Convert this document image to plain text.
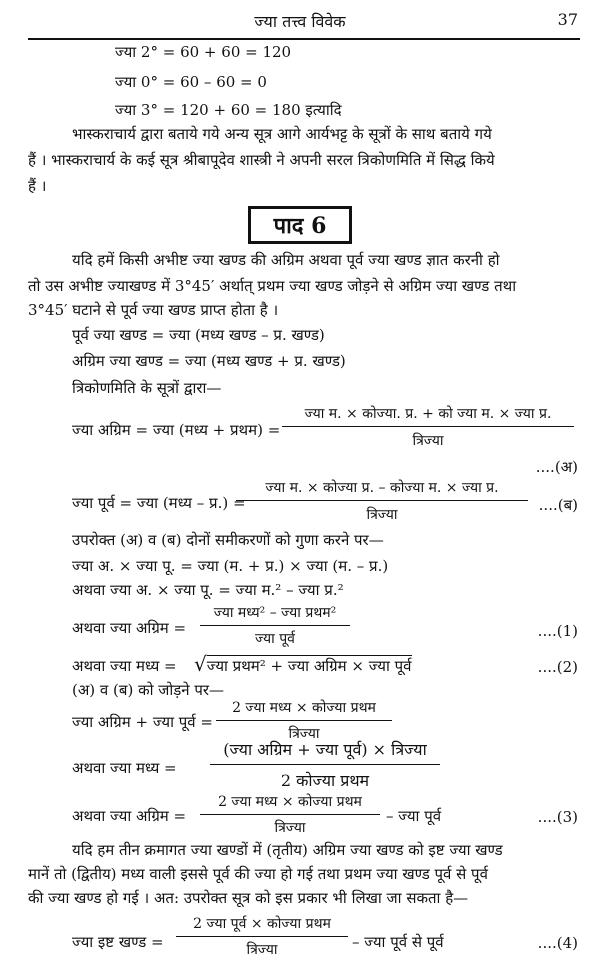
ज्या तत्त्व विवेक	37
ज्या 2° = 60 + 60 = 120
ज्या 0° = 60 – 60 = 0
ज्या 3° = 120 + 60 = 180 इत्यादि
भास्कराचार्य द्वारा बताये गये अन्य सूत्र आगे आर्यभट्ट के सूत्रों के साथ बताये गये
हैं । भास्कराचार्य के कई सूत्र श्रीबापूदेव शास्त्री ने अपनी सरल त्रिकोणमिति में सिद्ध किये
हैं ।
पाद 6
यदि हमें किसी अभीष्ट ज्या खण्ड की अग्रिम अथवा पूर्व ज्या खण्ड ज्ञात करनी हो
तो उस अभीष्ट ज्याखण्ड में 3°45′ अर्थात् प्रथम ज्या खण्ड जोड़ने से अग्रिम ज्या खण्ड तथा
3°45′ घटाने से पूर्व ज्या खण्ड प्राप्त होता है ।
पूर्व ज्या खण्ड = ज्या (मध्य खण्ड – प्र. खण्ड)
अग्रिम ज्या खण्ड = ज्या (मध्य खण्ड + प्र. खण्ड)
त्रिकोणमिति के सूत्रों द्वारा—
ज्या अग्रिम = ज्या (मध्य + प्रथम) =
ज्या म. × कोज्या. प्र. + को ज्या म. × ज्या प्र.
त्रिज्या
....(अ)
ज्या पूर्व = ज्या (मध्य – प्र.) =
ज्या म. × कोज्या प्र. – कोज्या म. × ज्या प्र.
त्रिज्या
....(ब)
उपरोक्त (अ) व (ब) दोनों समीकरणों को गुणा करने पर—
ज्या अ. × ज्या पू. = ज्या (म. + प्र.) × ज्या (म. – प्र.)
अथवा ज्या अ. × ज्या पू. = ज्या म.² – ज्या प्र.²
अथवा ज्या अग्रिम =
ज्या मध्य² – ज्या प्रथम²
ज्या पूर्व	....(1)
अथवा ज्या मध्य = √ज्या प्रथम² + ज्या अग्रिम × ज्या पूर्व	....(2)
(अ) व (ब) को जोड़ने पर—
ज्या अग्रिम + ज्या पूर्व =
2 ज्या मध्य × कोज्या प्रथम
त्रिज्या
अथवा ज्या मध्य =
(ज्या अग्रिम + ज्या पूर्व) × त्रिज्या
2 कोज्या प्रथम
अथवा ज्या अग्रिम =
2 ज्या मध्य × कोज्या प्रथम
त्रिज्या
– ज्या पूर्व	....(3)
यदि हम तीन क्रमागत ज्या खण्डों में (तृतीय) अग्रिम ज्या खण्ड को इष्ट ज्या खण्ड
मानें तो (द्वितीय) मध्य वाली इससे पूर्व की ज्या हो गई तथा प्रथम ज्या खण्ड पूर्व से पूर्व
की ज्या खण्ड हो गई । अत: उपरोक्त सूत्र को इस प्रकार भी लिखा जा सकता है—
ज्या इष्ट खण्ड =
2 ज्या पूर्व × कोज्या प्रथम
त्रिज्या	– ज्या पूर्व से पूर्व	....(4)
